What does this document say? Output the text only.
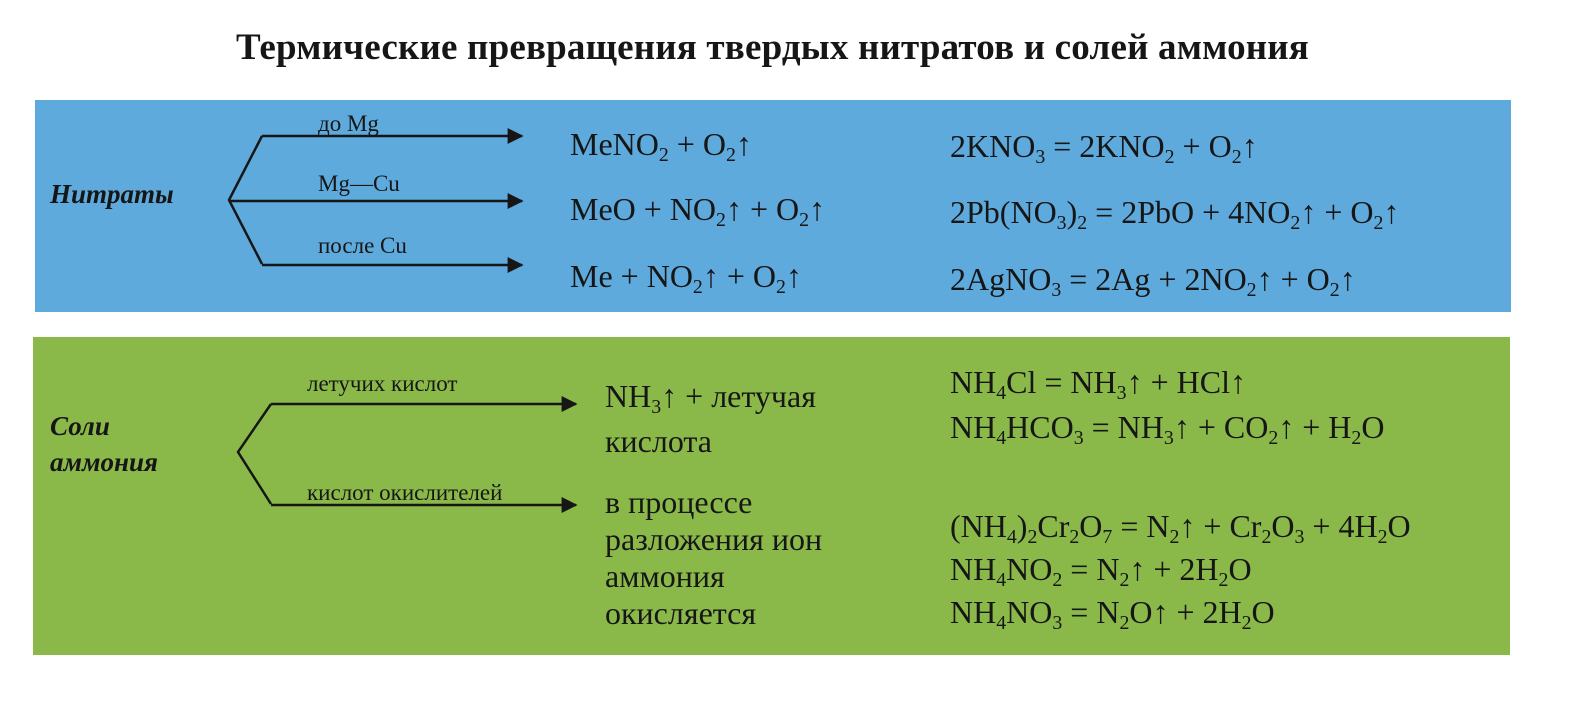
Термические превращения твердых нитратов и солей аммония
Нитраты
до Mg
Mg—Cu
после Cu
MeNO$_2$ + $O_2↑$
MeO + $NO_2↑$ + $O_2↑$
$Me + NO_2↑$ + $O_2↑$
$2KNO_3 = 2KNO_2$ + $O_2↑$
$2Pb(NO_3)_2 = 2PbO$ + $4NO_2↑$ + $O_2↑$
2AgNO$_3$ = $2Ag + 2NO_2↑$ + $O_2↑$
Соли аммония
летучих кислот
кислот окислителей
$NH_3↑$ + летучая кислота
в процессе разложения ион аммония окисляется
$NH_4Cl$ = $NH_3↑$ + HCl↑
$NH_4HCO_3$ = $NH_3↑$ + $CO_2↑ + H_2O$
$(NH_4)_2Cr_2O_7$ = $N_2↑ + Cr_2O_3 + 4H_2O$
$NH_4NO_2$ = $N_2↑ + 2H_2O$
$NH_4NO_3$ = $N_2O↑ + 2H_2O$
